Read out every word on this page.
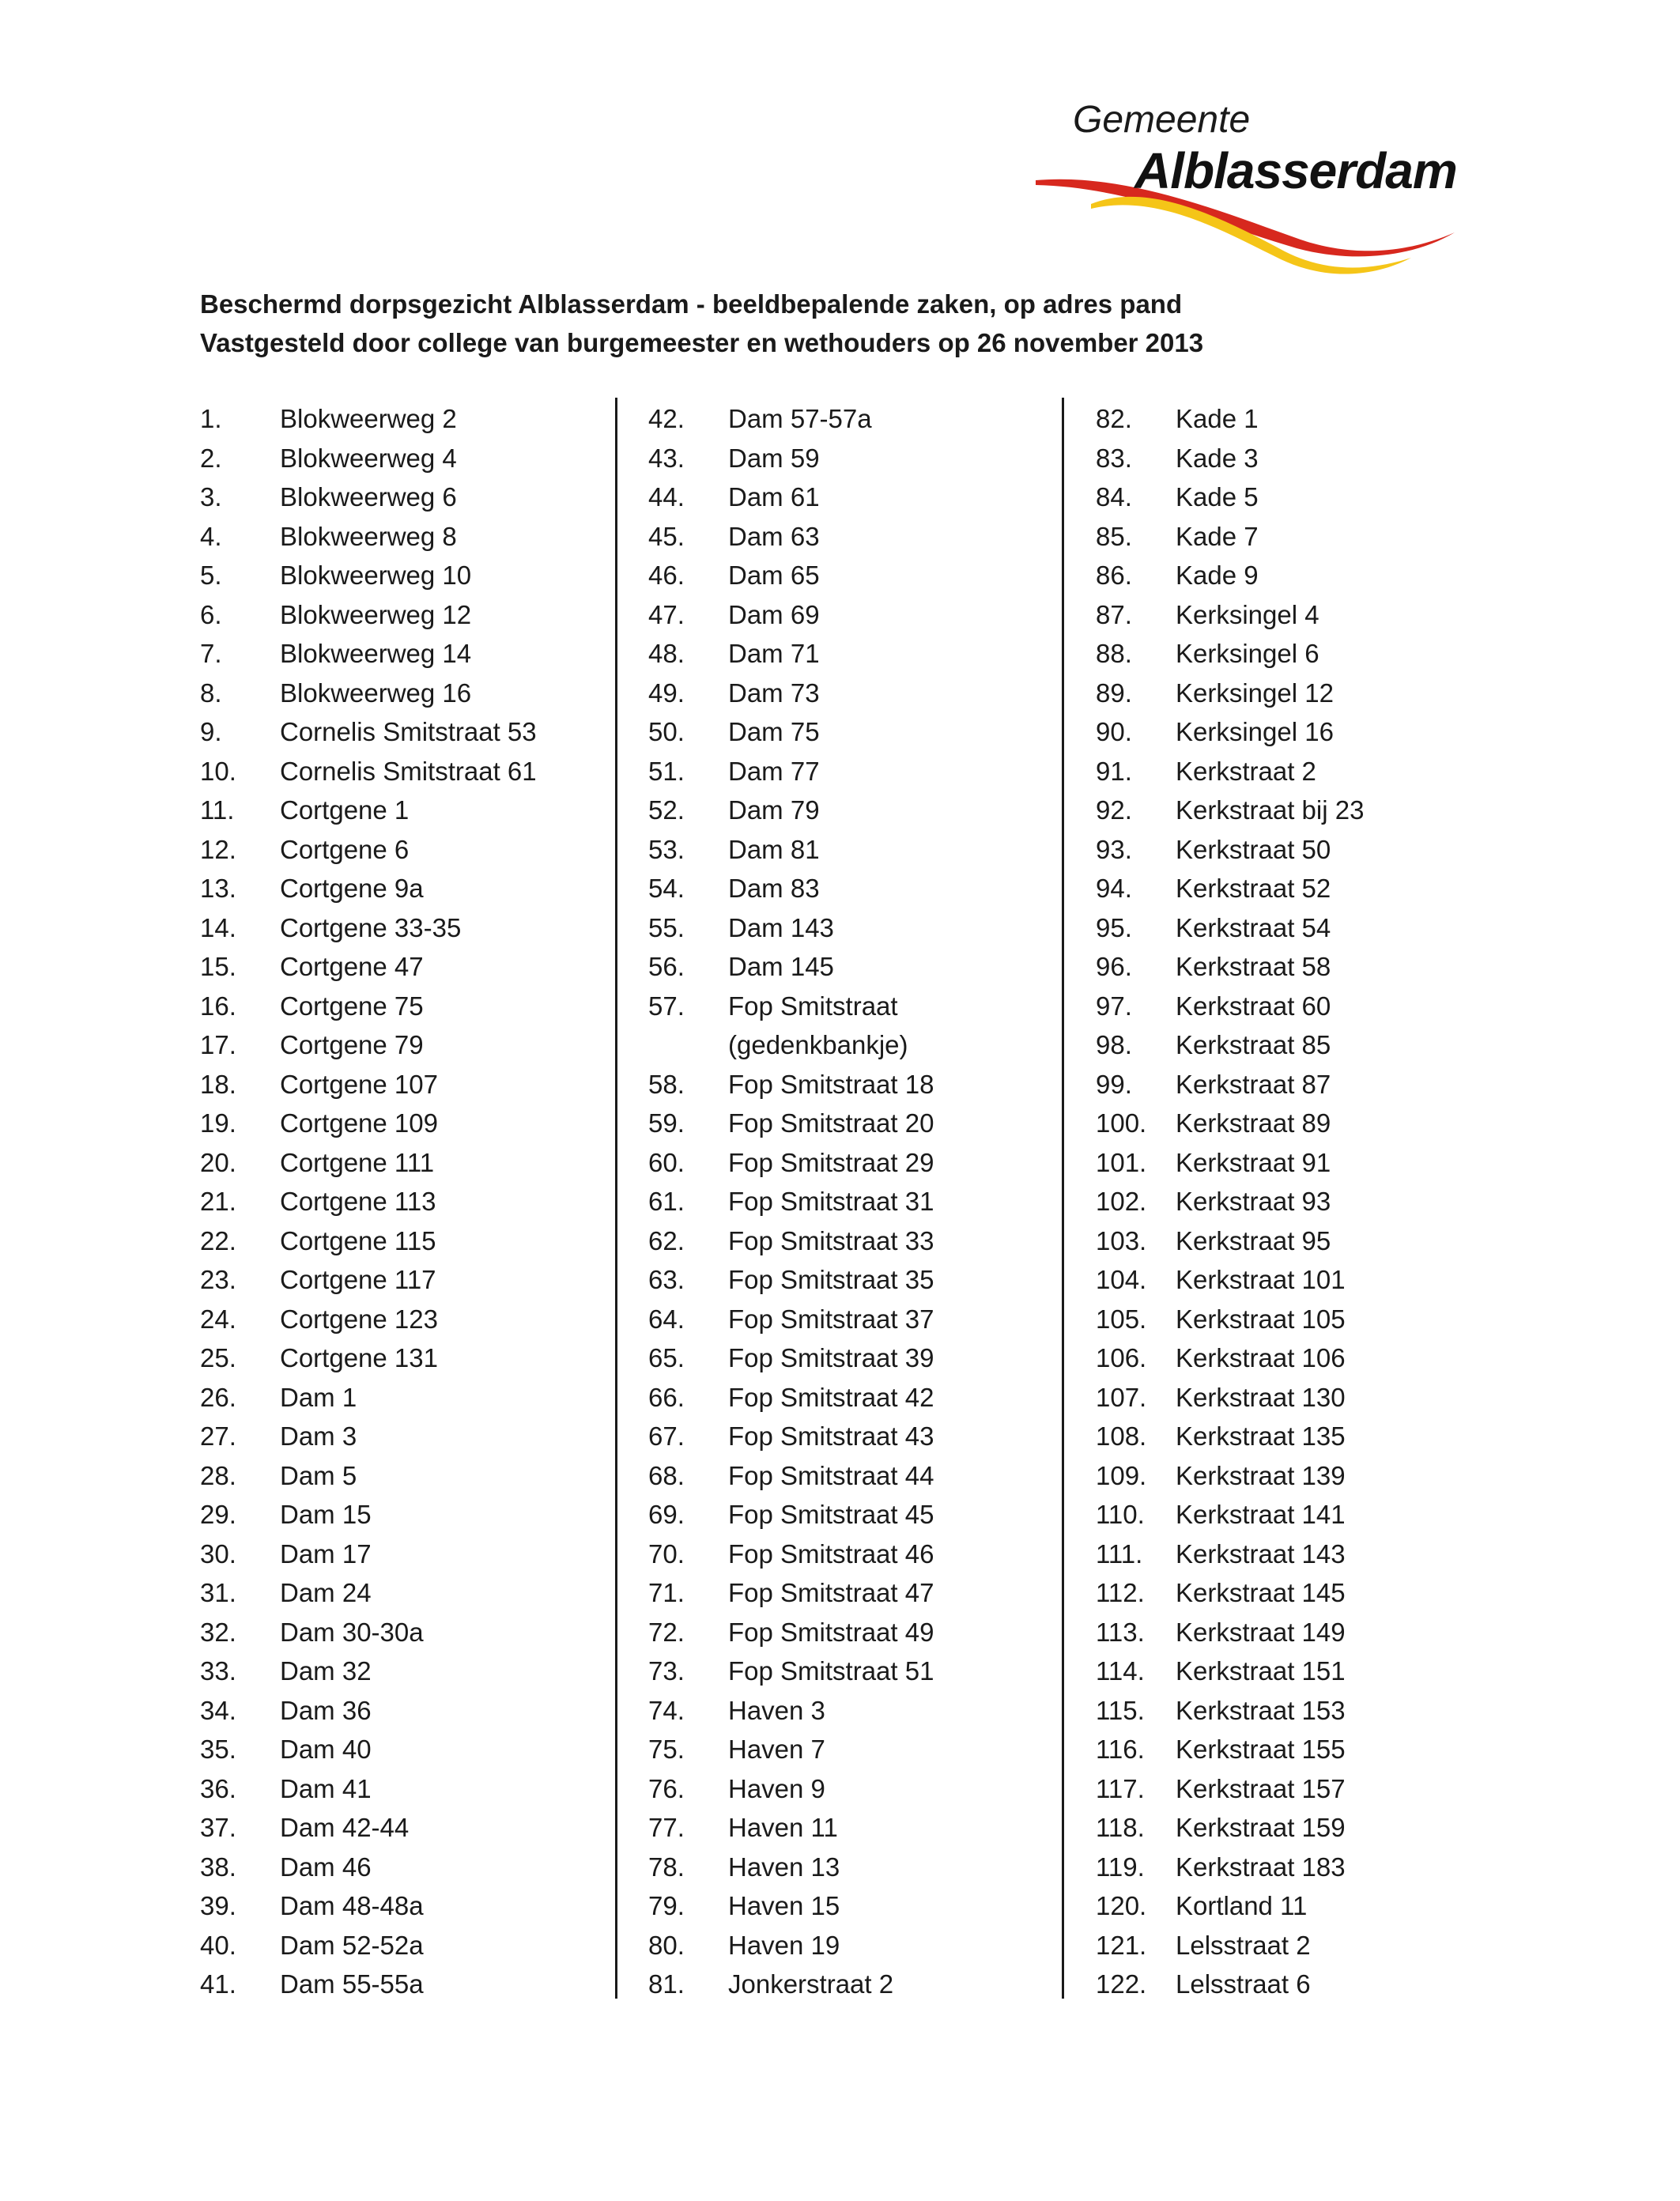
Gemeente
Alblasserdam
Beschermd dorpsgezicht Alblasserdam - beeldbepalende zaken, op adres pand
Vastgesteld door college van burgemeester en wethouders op 26 november 2013
1.	Blokweerweg 2
2.	Blokweerweg 4
3.	Blokweerweg 6
4.	Blokweerweg 8
5.	Blokweerweg 10
6.	Blokweerweg 12
7.	Blokweerweg 14
8.	Blokweerweg 16
9.	Cornelis Smitstraat 53
10.	Cornelis Smitstraat 61
11.	Cortgene 1
12.	Cortgene 6
13.	Cortgene 9a
14.	Cortgene 33-35
15.	Cortgene 47
16.	Cortgene 75
17.	Cortgene 79
18.	Cortgene 107
19.	Cortgene 109
20.	Cortgene 111
21.	Cortgene 113
22.	Cortgene 115
23.	Cortgene 117
24.	Cortgene 123
25.	Cortgene 131
26.	Dam 1
27.	Dam 3
28.	Dam 5
29.	Dam 15
30.	Dam 17
31.	Dam 24
32.	Dam 30-30a
33.	Dam 32
34.	Dam 36
35.	Dam 40
36.	Dam 41
37.	Dam 42-44
38.	Dam 46
39.	Dam 48-48a
40.	Dam 52-52a
41.	Dam 55-55a
42.	Dam 57-57a
43.	Dam 59
44.	Dam 61
45.	Dam 63
46.	Dam 65
47.	Dam 69
48.	Dam 71
49.	Dam 73
50.	Dam 75
51.	Dam 77
52.	Dam 79
53.	Dam 81
54.	Dam 83
55.	Dam 143
56.	Dam 145
57.	Fop Smitstraat
(gedenkbankje)
58.	Fop Smitstraat 18
59.	Fop Smitstraat 20
60.	Fop Smitstraat 29
61.	Fop Smitstraat 31
62.	Fop Smitstraat 33
63.	Fop Smitstraat 35
64.	Fop Smitstraat 37
65.	Fop Smitstraat 39
66.	Fop Smitstraat 42
67.	Fop Smitstraat 43
68.	Fop Smitstraat 44
69.	Fop Smitstraat 45
70.	Fop Smitstraat 46
71.	Fop Smitstraat 47
72.	Fop Smitstraat 49
73.	Fop Smitstraat 51
74.	Haven 3
75.	Haven 7
76.	Haven 9
77.	Haven 11
78.	Haven 13
79.	Haven 15
80.	Haven 19
81.	Jonkerstraat 2
82.	Kade 1
83.	Kade 3
84.	Kade 5
85.	Kade 7
86.	Kade 9
87.	Kerksingel 4
88.	Kerksingel 6
89.	Kerksingel 12
90.	Kerksingel 16
91.	Kerkstraat 2
92.	Kerkstraat bij 23
93.	Kerkstraat 50
94.	Kerkstraat 52
95.	Kerkstraat 54
96.	Kerkstraat 58
97.	Kerkstraat 60
98.	Kerkstraat 85
99.	Kerkstraat 87
100.	Kerkstraat 89
101.	Kerkstraat 91
102.	Kerkstraat 93
103.	Kerkstraat 95
104.	Kerkstraat 101
105.	Kerkstraat 105
106.	Kerkstraat 106
107.	Kerkstraat 130
108.	Kerkstraat 135
109.	Kerkstraat 139
110.	Kerkstraat 141
111.	Kerkstraat 143
112.	Kerkstraat 145
113.	Kerkstraat 149
114.	Kerkstraat 151
115.	Kerkstraat 153
116.	Kerkstraat 155
117.	Kerkstraat 157
118.	Kerkstraat 159
119.	Kerkstraat 183
120.	Kortland 11
121.	Lelsstraat 2
122.	Lelsstraat 6
